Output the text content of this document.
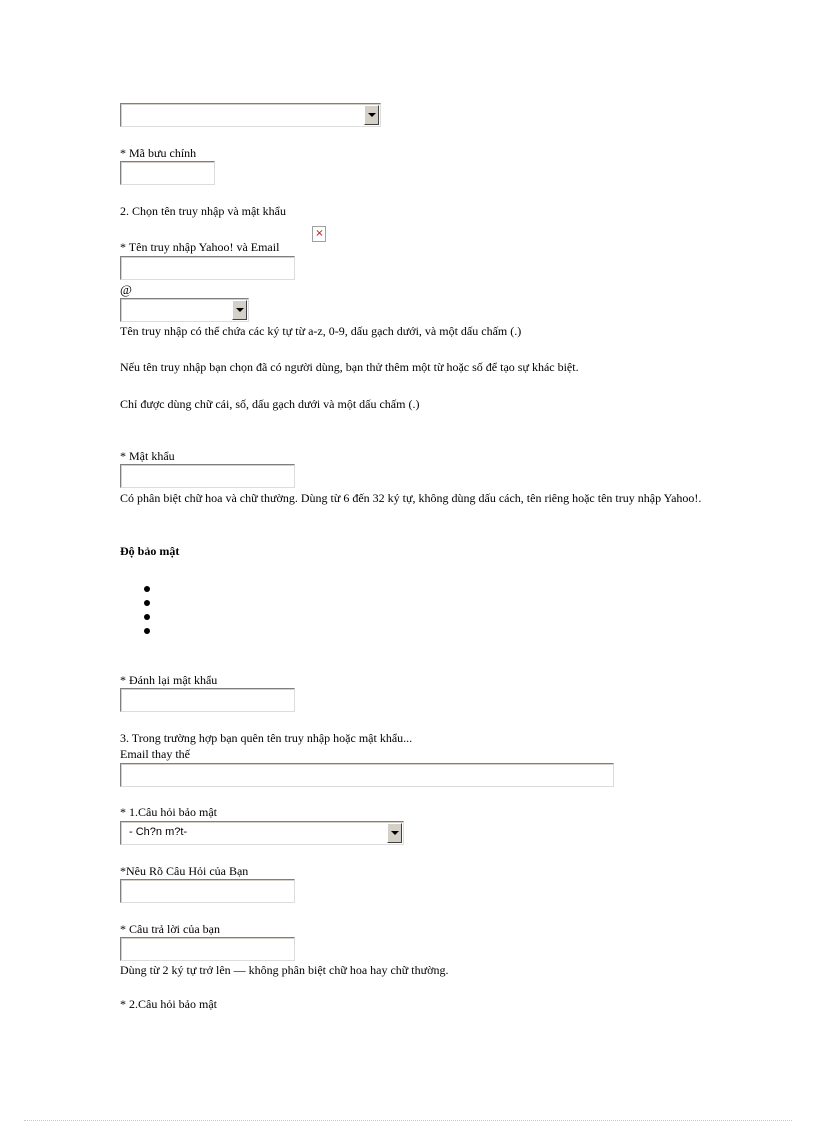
* Mã bưu chính
2. Chọn tên truy nhập và mật khẩu
×
* Tên truy nhập Yahoo! và Email
@
Tên truy nhập có thể chứa các ký tự từ a-z, 0-9, dấu gạch dưới, và một dấu chấm (.)
Nếu tên truy nhập bạn chọn đã có người dùng, bạn thử thêm một từ hoặc số để tạo sự khác biệt.
Chỉ được dùng chữ cái, số, dấu gạch dưới và một dấu chấm (.)
* Mật khẩu
Có phân biệt chữ hoa và chữ thường. Dùng từ 6 đến 32 ký tự, không dùng dấu cách, tên riêng hoặc tên truy nhập Yahoo!.
Độ bảo mật
* Đánh lại mật khẩu
3. Trong trường hợp bạn quên tên truy nhập hoặc mật khẩu...
Email thay thế
* 1.Câu hỏi bảo mật
- Ch?n m?t-
*Nêu Rõ Câu Hỏi của Bạn
* Câu trả lời của bạn
Dùng từ 2 ký tự trở lên — không phân biệt chữ hoa hay chữ thường.
* 2.Câu hỏi bảo mật
